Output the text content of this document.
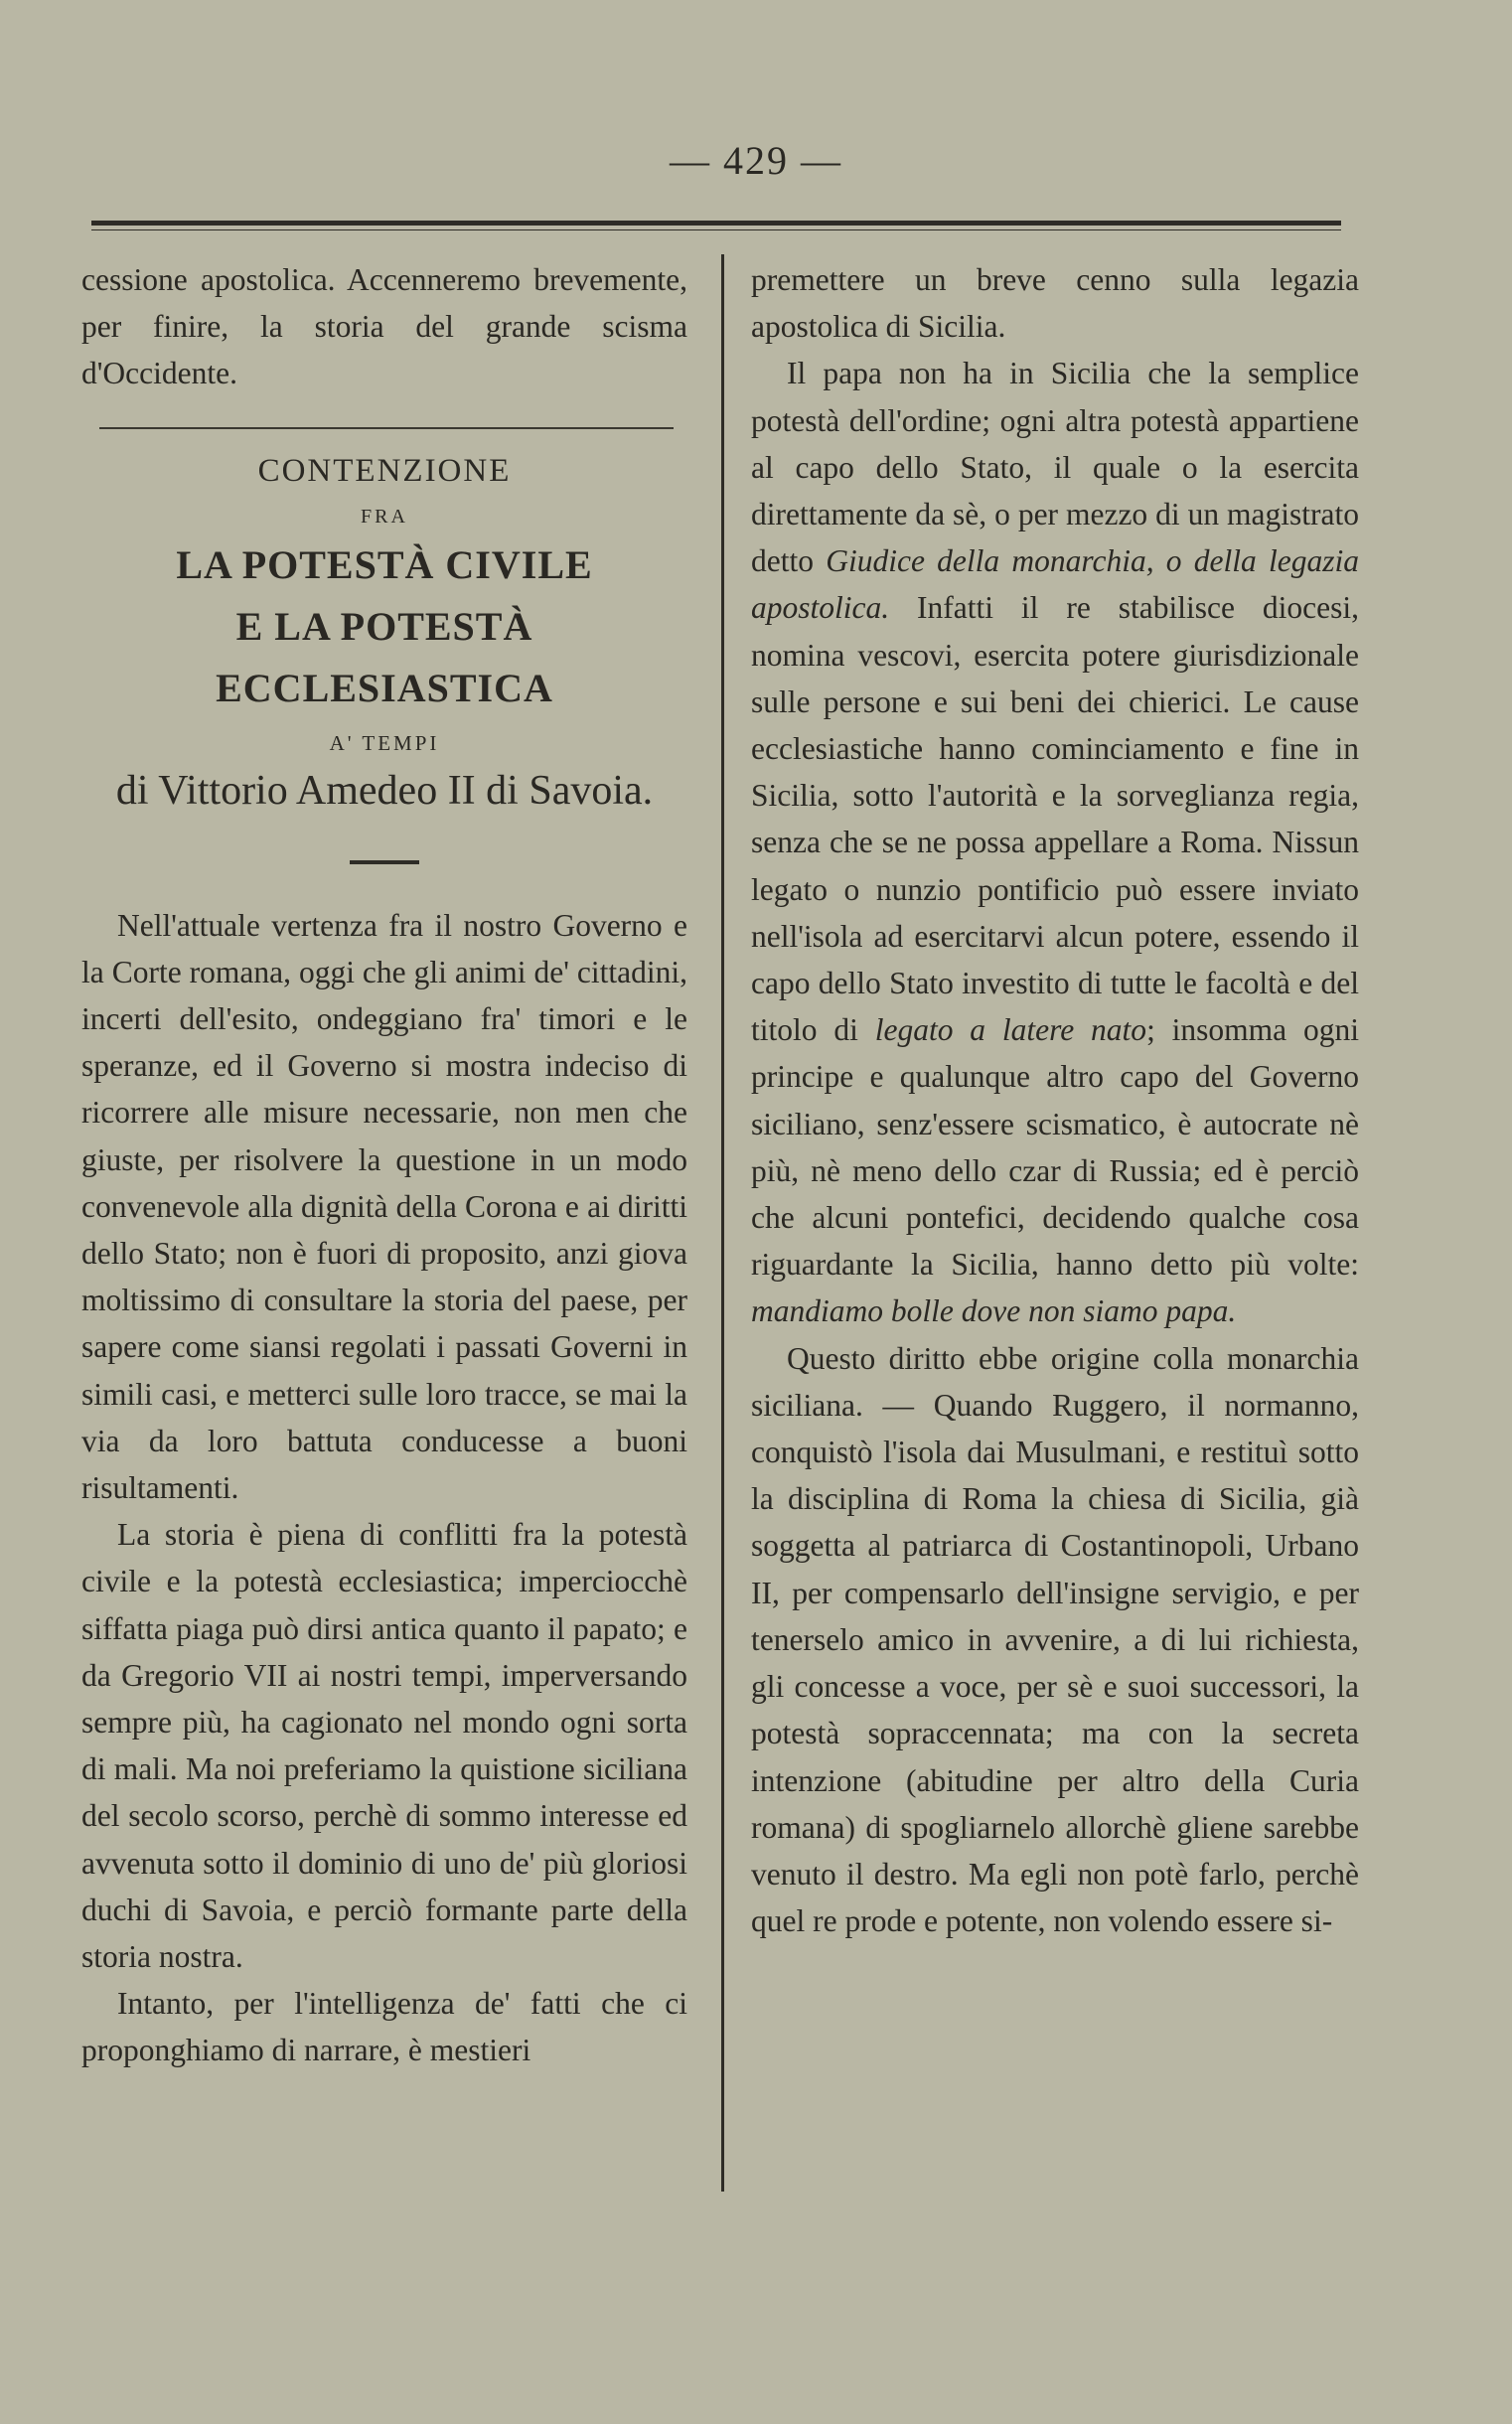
— 429 —

cessione apostolica. Accenneremo brevemente, per finire, la storia del grande scisma d'Occidente.

CONTENZIONE
FRA
LA POTESTÀ CIVILE
E LA POTESTÀ ECCLESIASTICA
A' TEMPI
di Vittorio Amedeo II di Savoia.

Nell'attuale vertenza fra il nostro Governo e la Corte romana, oggi che gli animi de' cittadini, incerti dell'esito, ondeggiano fra' timori e le speranze, ed il Governo si mostra indeciso di ricorrere alle misure necessarie, non men che giuste, per risolvere la questione in un modo convenevole alla dignità della Corona e ai diritti dello Stato; non è fuori di proposito, anzi giova moltissimo di consultare la storia del paese, per sapere come siansi regolati i passati Governi in simili casi, e metterci sulle loro tracce, se mai la via da loro battuta conducesse a buoni risultamenti.

La storia è piena di conflitti fra la potestà civile e la potestà ecclesiastica; imperciocchè siffatta piaga può dirsi antica quanto il papato; e da Gregorio VII ai nostri tempi, imperversando sempre più, ha cagionato nel mondo ogni sorta di mali. Ma noi preferiamo la quistione siciliana del secolo scorso, perchè di sommo interesse ed avvenuta sotto il dominio di uno de' più gloriosi duchi di Savoia, e perciò formante parte della storia nostra.

Intanto, per l'intelligenza de' fatti che ci proponghiamo di narrare, è mestieri

premettere un breve cenno sulla legazia apostolica di Sicilia.

Il papa non ha in Sicilia che la semplice potestà dell'ordine; ogni altra potestà appartiene al capo dello Stato, il quale o la esercita direttamente da sè, o per mezzo di un magistrato detto Giudice della monarchia, o della legazia apostolica. Infatti il re stabilisce diocesi, nomina vescovi, esercita potere giurisdizionale sulle persone e sui beni dei chierici. Le cause ecclesiastiche hanno cominciamento e fine in Sicilia, sotto l'autorità e la sorveglianza regia, senza che se ne possa appellare a Roma. Nissun legato o nunzio pontificio può essere inviato nell'isola ad esercitarvi alcun potere, essendo il capo dello Stato investito di tutte le facoltà e del titolo di legato a latere nato; insomma ogni principe e qualunque altro capo del Governo siciliano, senz'essere scismatico, è autocrate nè più, nè meno dello czar di Russia; ed è perciò che alcuni pontefici, decidendo qualche cosa riguardante la Sicilia, hanno detto più volte: mandiamo bolle dove non siamo papa.

Questo diritto ebbe origine colla monarchia siciliana. — Quando Ruggero, il normanno, conquistò l'isola dai Musulmani, e restituì sotto la disciplina di Roma la chiesa di Sicilia, già soggetta al patriarca di Costantinopoli, Urbano II, per compensarlo dell'insigne servigio, e per tenerselo amico in avvenire, a di lui richiesta, gli concesse a voce, per sè e suoi successori, la potestà sopraccennata; ma con la secreta intenzione (abitudine per altro della Curia romana) di spogliarnelo allorchè gliene sarebbe venuto il destro. Ma egli non potè farlo, perchè quel re prode e potente, non volendo essere si-
